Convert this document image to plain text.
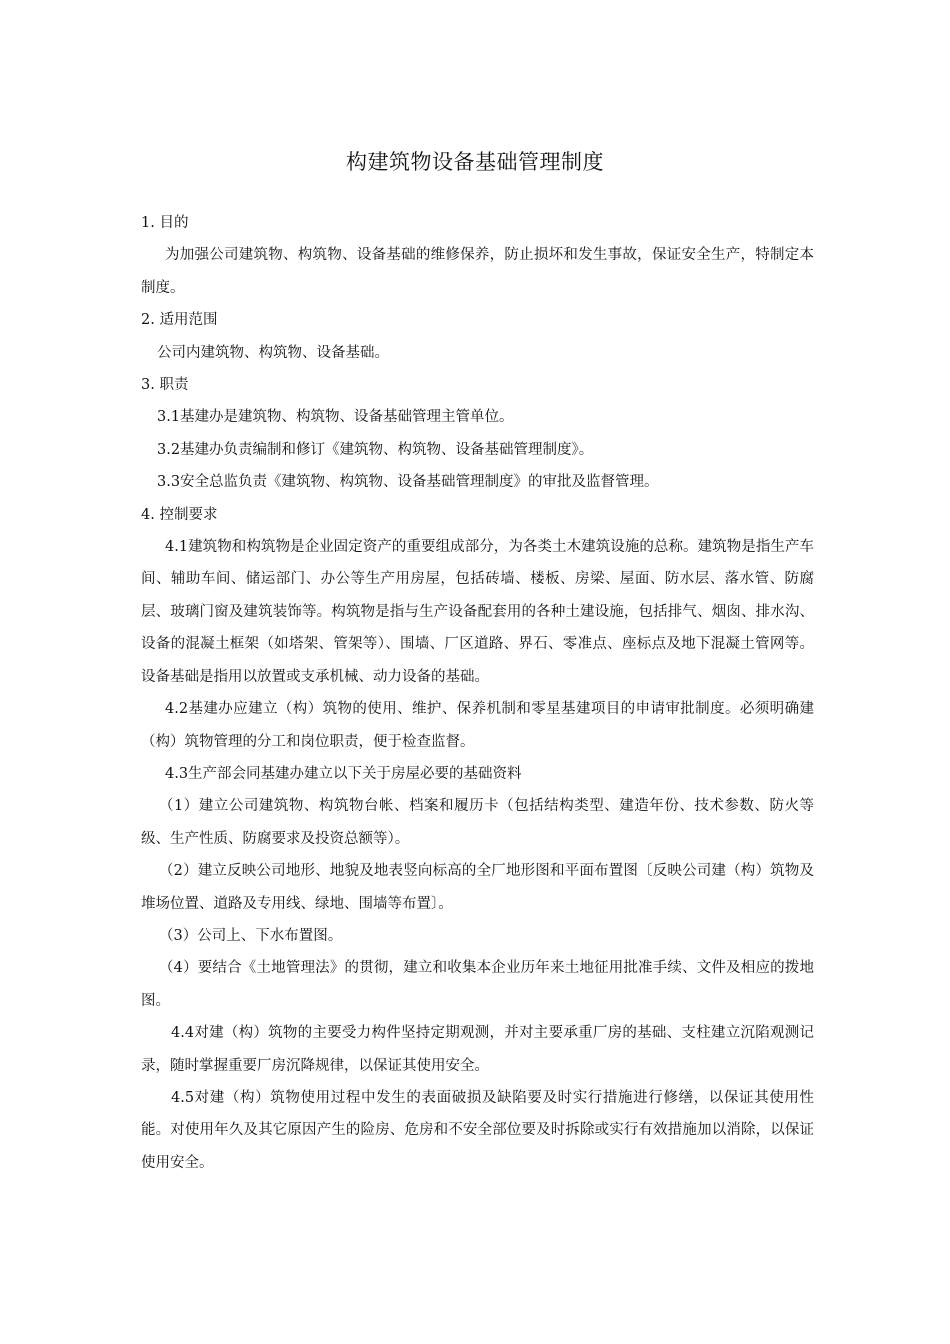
构建筑物设备基础管理制度

1. 目的

为加强公司建筑物、构筑物、设备基础的维修保养，防止损坏和发生事故，保证安全生产，特制定本制度。

2. 适用范围

公司内建筑物、构筑物、设备基础。

3. 职责

3.1基建办是建筑物、构筑物、设备基础管理主管单位。

3.2基建办负责编制和修订《建筑物、构筑物、设备基础管理制度》。

3.3安全总监负责《建筑物、构筑物、设备基础管理制度》的审批及监督管理。

4. 控制要求

4.1建筑物和构筑物是企业固定资产的重要组成部分，为各类土木建筑设施的总称。建筑物是指生产车间、辅助车间、储运部门、办公等生产用房屋，包括砖墙、楼板、房梁、屋面、防水层、落水管、防腐层、玻璃门窗及建筑装饰等。构筑物是指与生产设备配套用的各种土建设施，包括排气、烟囱、排水沟、设备的混凝土框架（如塔架、管架等）、围墙、厂区道路、界石、零准点、座标点及地下混凝土管网等。设备基础是指用以放置或支承机械、动力设备的基础。

4.2基建办应建立（构）筑物的使用、维护、保养机制和零星基建项目的申请审批制度。必须明确建（构）筑物管理的分工和岗位职责，便于检查监督。

4.3生产部会同基建办建立以下关于房屋必要的基础资料

（1）建立公司建筑物、构筑物台帐、档案和履历卡（包括结构类型、建造年份、技术参数、防火等级、生产性质、防腐要求及投资总额等）。

（2）建立反映公司地形、地貌及地表竖向标高的全厂地形图和平面布置图〔反映公司建（构）筑物及堆场位置、道路及专用线、绿地、围墙等布置〕。

（3）公司上、下水布置图。

（4）要结合《土地管理法》的贯彻，建立和收集本企业历年来土地征用批准手续、文件及相应的拨地图。

4.4对建（构）筑物的主要受力构件坚持定期观测，并对主要承重厂房的基础、支柱建立沉陷观测记录，随时掌握重要厂房沉降规律，以保证其使用安全。

4.5对建（构）筑物使用过程中发生的表面破损及缺陷要及时实行措施进行修缮，以保证其使用性能。对使用年久及其它原因产生的险房、危房和不安全部位要及时拆除或实行有效措施加以消除，以保证使用安全。
